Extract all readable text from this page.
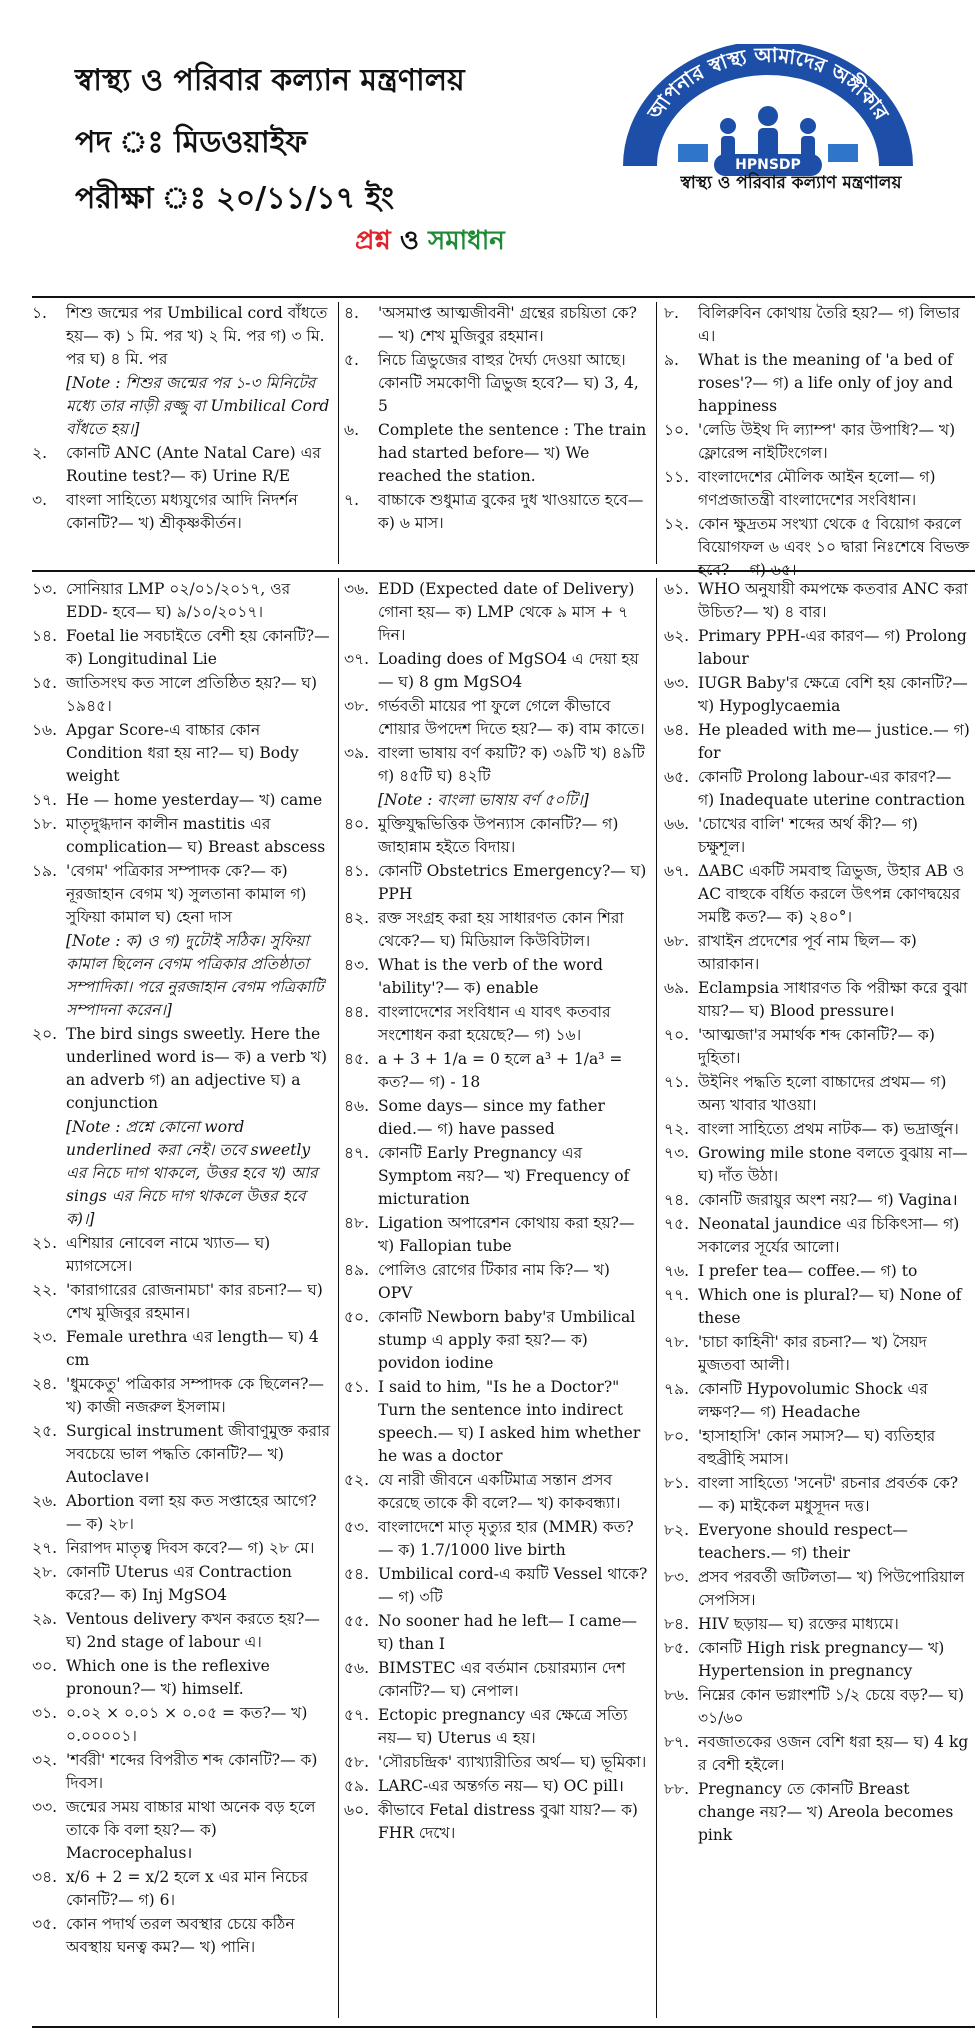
স্বাস্থ্য ও পরিবার কল্যান মন্ত্রণালয়
পদ ঃ মিডওয়াইফ
পরীক্ষা ঃ ২০/১১/১৭ ইং
আপনার স্বাস্থ্য আমাদের অঙ্গীকার
HPNSDP
স্বাস্থ্য ও পরিবার কল্যাণ মন্ত্রণালয়
প্রশ্ন ও সমাধান
১.	শিশু জন্মের পর Umbilical cord বাঁধতে হয়— ক) ১ মি. পর খ) ২ মি. পর গ) ৩ মি. পর ঘ) ৪ মি. পর
[Note : শিশুর জন্মের পর ১-৩ মিনিটের মধ্যে তার নাড়ী রজ্জু বা Umbilical Cord বাঁধতে হয়।]
২.	কোনটি ANC (Ante Natal Care) এর Routine test?— ক) Urine R/E
৩.	বাংলা সাহিত্যে মধ্যযুগের আদি নিদর্শন কোনটি?— খ) শ্রীকৃষ্ণকীর্তন।
৪.	'অসমাপ্ত আত্মজীবনী' গ্রন্থের রচয়িতা কে?— খ) শেখ মুজিবুর রহমান।
৫.	নিচে ত্রিভুজের বাহুর দৈর্ঘ্য দেওয়া আছে। কোনটি সমকোণী ত্রিভুজ হবে?— ঘ) 3, 4, 5
৬.	Complete the sentence : The train had started before— খ) We reached the station.
৭.	বাচ্চাকে শুধুমাত্র বুকের দুধ খাওয়াতে হবে— ক) ৬ মাস।
৮.	বিলিরুবিন কোথায় তৈরি হয়?— গ) লিভার এ।
৯.	What is the meaning of 'a bed of roses'?— গ) a life only of joy and happiness
১০. 'লেডি উইথ দি ল্যাম্প' কার উপাধি?— খ) ফ্লোরেন্স নাইটিংগেল।
১১. বাংলাদেশের মৌলিক আইন হলো— গ) গণপ্রজাতন্ত্রী বাংলাদেশের সংবিধান।
১২. কোন ক্ষুদ্রতম সংখ্যা থেকে ৫ বিয়োগ করলে বিয়োগফল ৬ এবং ১০ দ্বারা নিঃশেষে বিভক্ত হবে?— গ) ৬৫।
১৩. সোনিয়ার LMP ০২/০১/২০১৭, ওর EDD- হবে— ঘ) ৯/১০/২০১৭।
১৪. Foetal lie সবচাইতে বেশী হয় কোনটি?— ক) Longitudinal Lie
১৫. জাতিসংঘ কত সালে প্রতিষ্ঠিত হয়?— ঘ) ১৯৪৫।
১৬. Apgar Score-এ বাচ্চার কোন Condition ধরা হয় না?— ঘ) Body weight
১৭. He — home yesterday— খ) came
১৮. মাতৃদুগ্ধদান কালীন mastitis এর complication— ঘ) Breast abscess
১৯. 'বেগম' পত্রিকার সম্পাদক কে?— ক) নূরজাহান বেগম খ) সুলতানা কামাল গ) সুফিয়া কামাল ঘ) হেনা দাস
[Note : ক) ও গ) দুটোই সঠিক। সুফিয়া কামাল ছিলেন বেগম পত্রিকার প্রতিষ্ঠাতা সম্পাদিকা। পরে নুরজাহান বেগম পত্রিকাটি সম্পাদনা করেন।]
২০. The bird sings sweetly. Here the underlined word is— ক) a verb খ) an adverb গ) an adjective ঘ) a conjunction
[Note : প্রশ্নে কোনো word underlined করা নেই। তবে sweetly এর নিচে দাগ থাকলে, উত্তর হবে খ) আর sings এর নিচে দাগ থাকলে উত্তর হবে ক)।]
২১. এশিয়ার নোবেল নামে খ্যাত— ঘ) ম্যাগসেসে।
২২. 'কারাগারের রোজনামচা' কার রচনা?— ঘ) শেখ মুজিবুর রহমান।
২৩. Female urethra এর length— ঘ) 4 cm
২৪. 'ধুমকেতু' পত্রিকার সম্পাদক কে ছিলেন?— খ) কাজী নজরুল ইসলাম।
২৫. Surgical instrument জীবাণুমুক্ত করার সবচেয়ে ভাল পদ্ধতি কোনটি?— খ) Autoclave।
২৬. Abortion বলা হয় কত সপ্তাহের আগে?— ক) ২৮।
২৭. নিরাপদ মাতৃত্ব দিবস কবে?— গ) ২৮ মে।
২৮. কোনটি Uterus এর Contraction করে?— ক) Inj MgSO4
২৯. Ventous delivery কখন করতে হয়?— ঘ) 2nd stage of labour এ।
৩০. Which one is the reflexive pronoun?— খ) himself.
৩১. ০.০২ × ০.০১ × ০.০৫ = কত?— খ) ০.০০০০১।
৩২. 'শর্বরী' শব্দের বিপরীত শব্দ কোনটি?— ক) দিবস।
৩৩. জন্মের সময় বাচ্চার মাথা অনেক বড় হলে তাকে কি বলা হয়?— ক) Macrocephalus।
৩৪. x/6 + 2 = x/2 হলে x এর মান নিচের কোনটি?— গ) 6।
৩৫. কোন পদার্থ তরল অবস্থার চেয়ে কঠিন অবস্থায় ঘনত্ব কম?— খ) পানি।
৩৬. EDD (Expected date of Delivery) গোনা হয়— ক) LMP থেকে ৯ মাস + ৭ দিন।
৩৭. Loading does of MgSO4 এ দেয়া হয়— ঘ) 8 gm MgSO4
৩৮. গর্ভবতী মায়ের পা ফুলে গেলে কীভাবে শোয়ার উপদেশ দিতে হয়?— ক) বাম কাতে।
৩৯. বাংলা ভাষায় বর্ণ কয়টি? ক) ৩৯টি খ) ৪৯টি গ) ৪৫টি ঘ) ৪২টি
[Note : বাংলা ভাষায় বর্ণ ৫০টি।]
৪০. মুক্তিযুদ্ধভিত্তিক উপন্যাস কোনটি?— গ) জাহান্নাম হইতে বিদায়।
৪১. কোনটি Obstetrics Emergency?— ঘ) PPH
৪২. রক্ত সংগ্রহ করা হয় সাধারণত কোন শিরা থেকে?— ঘ) মিডিয়াল কিউবিটাল।
৪৩. What is the verb of the word 'ability'?— ক) enable
৪৪. বাংলাদেশের সংবিধান এ যাবৎ কতবার সংশোধন করা হয়েছে?— গ) ১৬।
৪৫. a + 3 + 1/a = 0 হলে a³ + 1/a³ = কত?— গ) - 18
৪৬. Some days— since my father died.— গ) have passed
৪৭. কোনটি Early Pregnancy এর Symptom নয়?— খ) Frequency of micturation
৪৮. Ligation অপারেশন কোথায় করা হয়?— খ) Fallopian tube
৪৯. পোলিও রোগের টিকার নাম কি?— খ) OPV
৫০. কোনটি Newborn baby'র Umbilical stump এ apply করা হয়?— ক) povidon iodine
৫১. I said to him, "Is he a Doctor?" Turn the sentence into indirect speech.— ঘ) I asked him whether he was a doctor
৫২. যে নারী জীবনে একটিমাত্র সন্তান প্রসব করেছে তাকে কী বলে?— খ) কাকবন্ধ্যা।
৫৩. বাংলাদেশে মাতৃ মৃত্যুর হার (MMR) কত?— ক) 1.7/1000 live birth
৫৪. Umbilical cord-এ কয়টি Vessel থাকে?— গ) ৩টি
৫৫. No sooner had he left— I came— ঘ) than I
৫৬. BIMSTEC এর বর্তমান চেয়ারম্যান দেশ কোনটি?— ঘ) নেপাল।
৫৭. Ectopic pregnancy এর ক্ষেত্রে সত্যি নয়— ঘ) Uterus এ হয়।
৫৮. 'সৌরচন্দ্রিক' ব্যাখ্যারীতির অর্থ— ঘ) ভূমিকা।
৫৯. LARC-এর অন্তর্গত নয়— ঘ) OC pill।
৬০. কীভাবে Fetal distress বুঝা যায়?— ক) FHR দেখে।
৬১. WHO অনুযায়ী কমপক্ষে কতবার ANC করা উচিত?— খ) ৪ বার।
৬২. Primary PPH-এর কারণ— গ) Prolong labour
৬৩. IUGR Baby'র ক্ষেত্রে বেশি হয় কোনটি?— খ) Hypoglycaemia
৬৪. He pleaded with me— justice.— গ) for
৬৫. কোনটি Prolong labour-এর কারণ?— গ) Inadequate uterine contraction
৬৬. 'চোখের বালি' শব্দের অর্থ কী?— গ) চক্ষুশূল।
৬৭. ΔABC একটি সমবাহু ত্রিভুজ, উহার AB ও AC বাহুকে বর্ধিত করলে উৎপন্ন কোণদ্বয়ের সমষ্টি কত?— ক) ২৪০°।
৬৮. রাখাইন প্রদেশের পূর্ব নাম ছিল— ক) আরাকান।
৬৯. Eclampsia সাধারণত কি পরীক্ষা করে বুঝা যায়?— ঘ) Blood pressure।
৭০. 'আত্মজা'র সমার্থক শব্দ কোনটি?— ক) দুহিতা।
৭১. উইনিং পদ্ধতি হলো বাচ্চাদের প্রথম— গ) অন্য খাবার খাওয়া।
৭২. বাংলা সাহিত্যে প্রথম নাটক— ক) ভদ্রার্জুন।
৭৩. Growing mile stone বলতে বুঝায় না— ঘ) দাঁত উঠা।
৭৪. কোনটি জরায়ুর অংশ নয়?— গ) Vagina।
৭৫. Neonatal jaundice এর চিকিৎসা— গ) সকালের সূর্যের আলো।
৭৬. I prefer tea— coffee.— গ) to
৭৭. Which one is plural?— ঘ) None of these
৭৮. 'চাচা কাহিনী' কার রচনা?— খ) সৈয়দ মুজতবা আলী।
৭৯. কোনটি Hypovolumic Shock এর লক্ষণ?— গ) Headache
৮০. 'হাসাহাসি' কোন সমাস?— ঘ) ব্যতিহার বহুব্রীহি সমাস।
৮১. বাংলা সাহিত্যে 'সনেট' রচনার প্রবর্তক কে?— ক) মাইকেল মধুসূদন দত্ত।
৮২. Everyone should respect— teachers.— গ) their
৮৩. প্রসব পরবর্তী জটিলতা— খ) পিউপোরিয়াল সেপসিস।
৮৪. HIV ছড়ায়— ঘ) রক্তের মাধ্যমে।
৮৫. কোনটি High risk pregnancy— খ) Hypertension in pregnancy
৮৬. নিম্নের কোন ভগ্নাংশটি ১/২ চেয়ে বড়?— ঘ) ৩১/৬০
৮৭. নবজাতকের ওজন বেশি ধরা হয়— ঘ) 4 kg র বেশী হইলে।
৮৮. Pregnancy তে কোনটি Breast change নয়?— খ) Areola becomes pink
